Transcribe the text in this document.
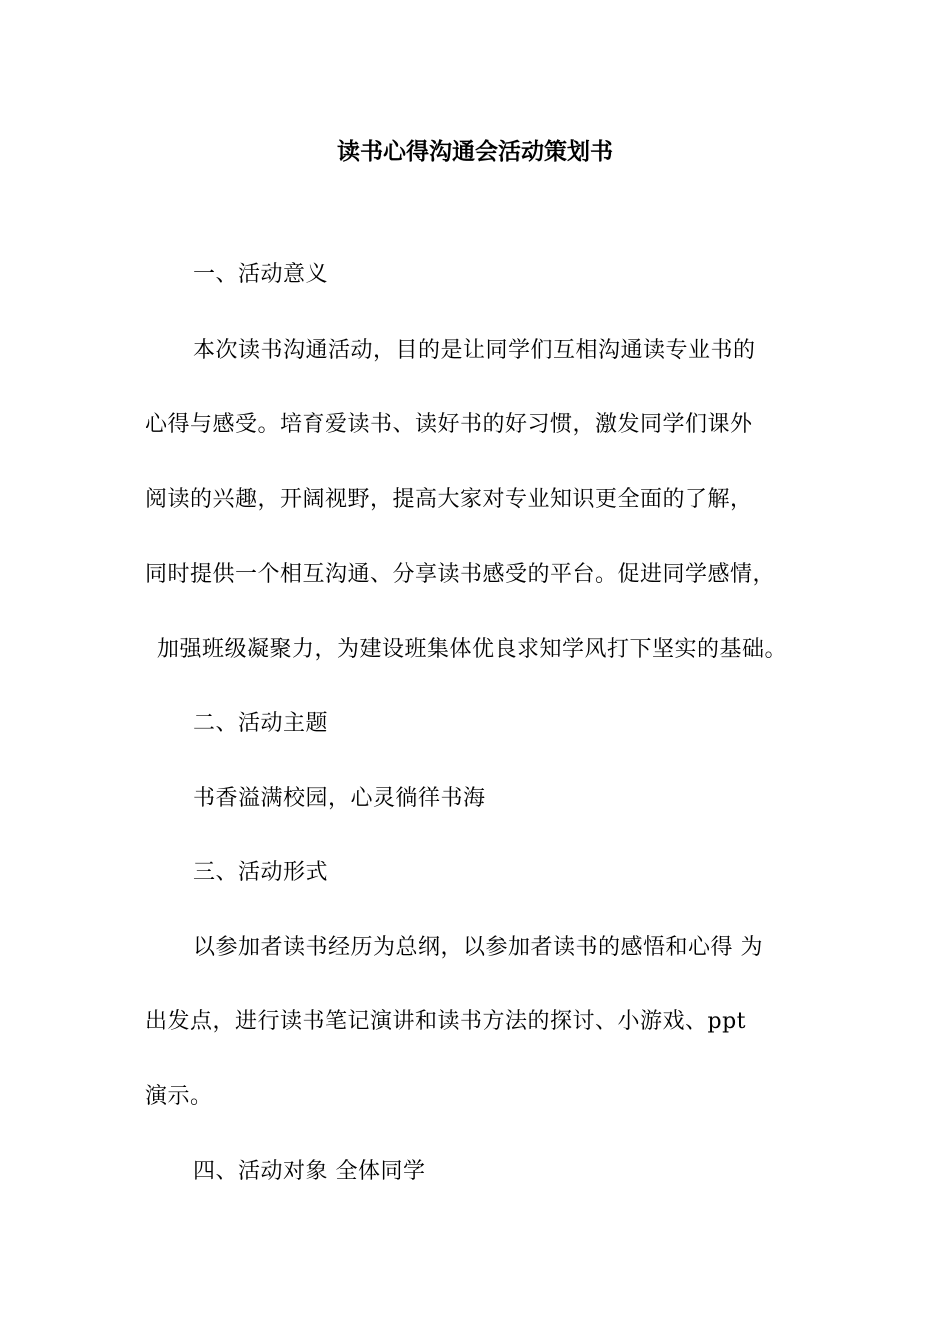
读书心得沟通会活动策划书
一、活动意义
本次读书沟通活动，目的是让同学们互相沟通读专业书的
心得与感受。培育爱读书、读好书的好习惯，激发同学们课外
阅读的兴趣，开阔视野，提高大家对专业知识更全面的了解，
同时提供一个相互沟通、分享读书感受的平台。促进同学感情，
加强班级凝聚力，为建设班集体优良求知学风打下坚实的基础。
二、活动主题
书香溢满校园，心灵徜徉书海
三、活动形式
以参加者读书经历为总纲，以参加者读书的感悟和心得 为
出发点，进行读书笔记演讲和读书方法的探讨、小游戏、ppt
演示。
四、活动对象 全体同学
